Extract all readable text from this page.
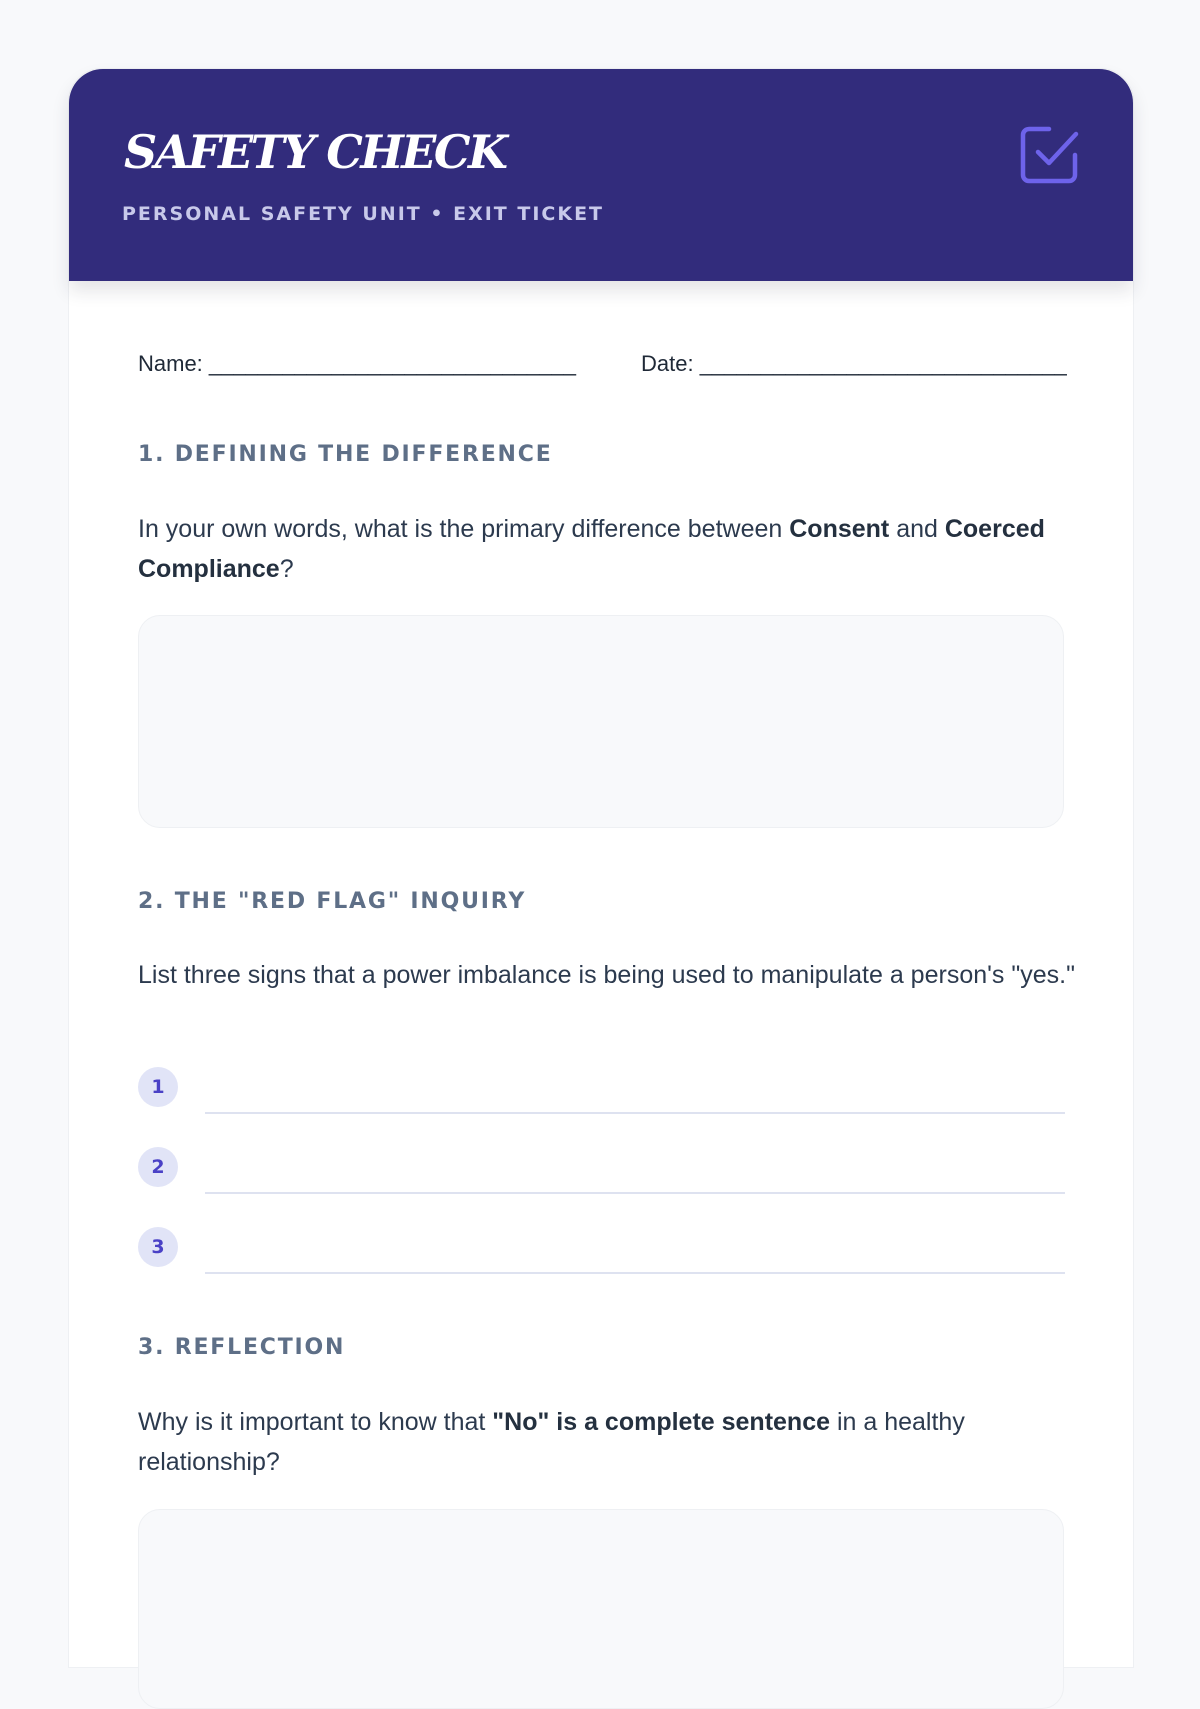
SAFETY CHECK
PERSONAL SAFETY UNIT • EXIT TICKET
Name: ______________________________	Date: ______________________________
1. DEFINING THE DIFFERENCE

In your own words, what is the primary difference between Consent and Coerced Compliance?

2. THE "RED FLAG" INQUIRY

List three signs that a power imbalance is being used to manipulate a person's "yes."

1
2
3
3. REFLECTION

Why is it important to know that "No" is a complete sentence in a healthy relationship?
